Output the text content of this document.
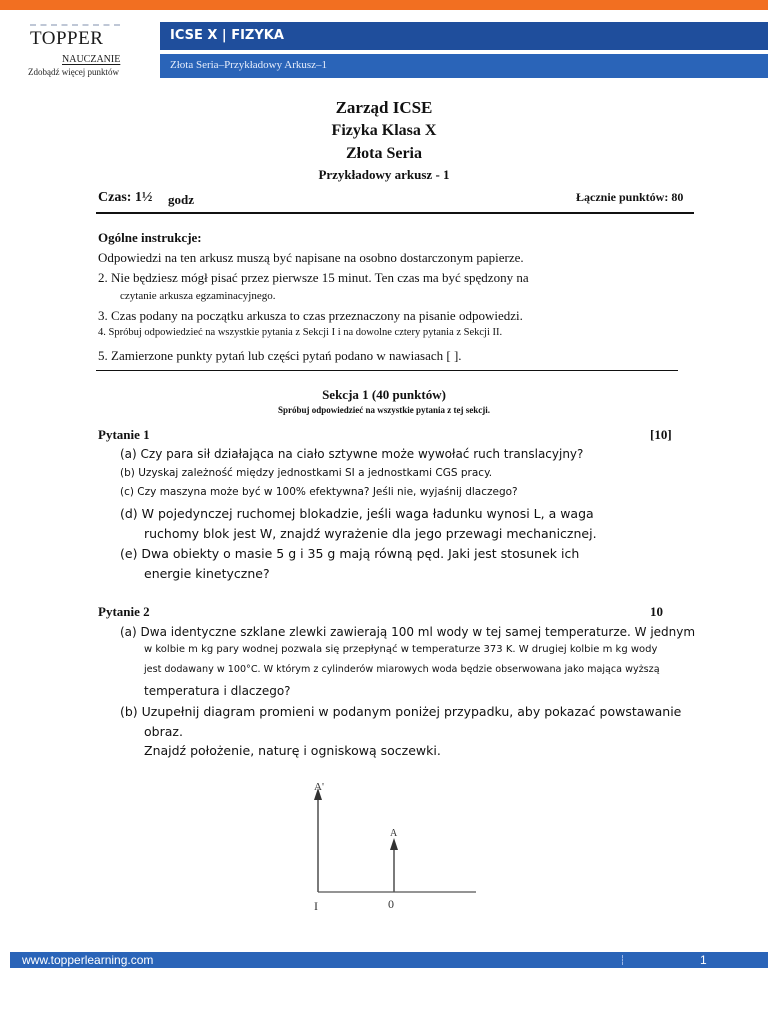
TOPPER
NAUCZANIE
Zdobądź więcej punktów
ICSE X | FIZYKA
Złota Seria–Przykładowy Arkusz–1
Zarząd ICSE
Fizyka Klasa X
Złota Seria
Przykładowy arkusz - 1
Czas: 1½ godz	Łącznie punktów: 80
Ogólne instrukcje:
Odpowiedzi na ten arkusz muszą być napisane na osobno dostarczonym papierze.
2. Nie będziesz mógł pisać przez pierwsze 15 minut. Ten czas ma być spędzony na
czytanie arkusza egzaminacyjnego.
3. Czas podany na początku arkusza to czas przeznaczony na pisanie odpowiedzi.
4. Spróbuj odpowiedzieć na wszystkie pytania z Sekcji I i na dowolne cztery pytania z Sekcji II.
5. Zamierzone punkty pytań lub części pytań podano w nawiasach [ ].
Sekcja 1 (40 punktów)
Spróbuj odpowiedzieć na wszystkie pytania z tej sekcji.
Pytanie 1	[10]
(a) Czy para sił działająca na ciało sztywne może wywołać ruch translacyjny?
(b) Uzyskaj zależność między jednostkami SI a jednostkami CGS pracy.
(c) Czy maszyna może być w 100% efektywna? Jeśli nie, wyjaśnij dlaczego?
(d) W pojedynczej ruchomej blokadzie, jeśli waga ładunku wynosi L, a waga
ruchomy blok jest W, znajdź wyrażenie dla jego przewagi mechanicznej.
(e) Dwa obiekty o masie 5 g i 35 g mają równą pęd. Jaki jest stosunek ich
energie kinetyczne?
Pytanie 2	10
(a) Dwa identyczne szklane zlewki zawierają 100 ml wody w tej samej temperaturze. W jednym
w kolbie m kg pary wodnej pozwala się przepłynąć w temperaturze 373 K. W drugiej kolbie m kg wody
jest dodawany w 100°C. W którym z cylinderów miarowych woda będzie obserwowana jako mająca wyższą
temperatura i dlaczego?
(b) Uzupełnij diagram promieni w podanym poniżej przypadku, aby pokazać powstawanie
obraz.
Znajdź położenie, naturę i ogniskową soczewki.
A'
A
I	0
www.topperlearning.com	1
